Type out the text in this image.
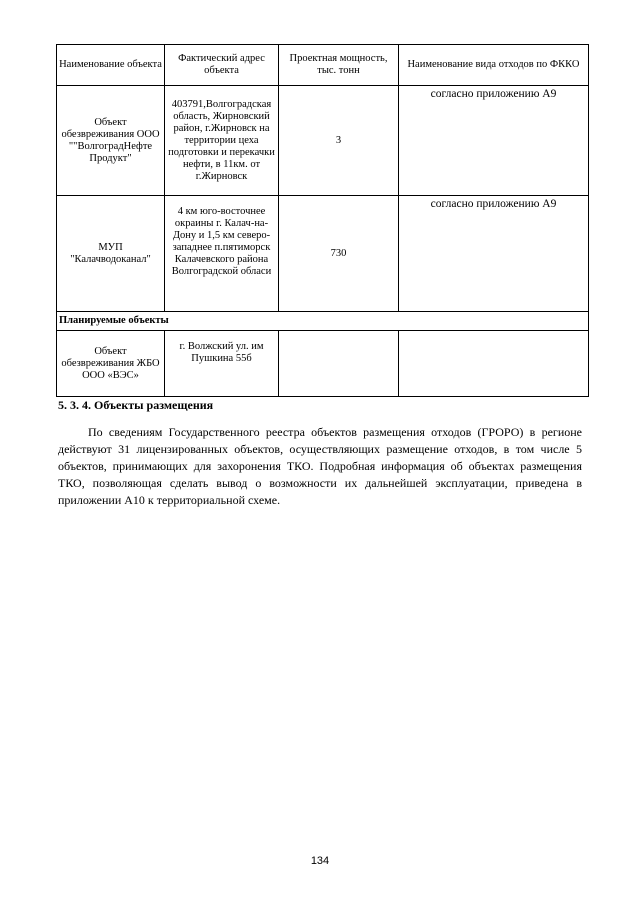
Наименование объекта	Фактический адрес объекта	Проектная мощность, тыс. тонн	Наименование вида отходов по ФККО
Объект обезвреживания ООО ""ВолгоградНефте Продукт"	403791,Волгоградская область, Жирновский район, г.Жирновск на территории цеха подготовки и перекачки нефти, в 11км. от г.Жирновск	3	согласно приложению А9
МУП "Калачводоканал"	4 км юго-восточнее окраины г. Калач-на-Дону и 1,5 км северо-западнее п.пятиморск Калачевского района Волгоградской обласи	730	согласно приложению А9
Планируемые объекты			
Объект обезвреживания ЖБО ООО «ВЭС»	г. Волжский ул. им Пушкина 55б		
5. 3. 4. Объекты размещения

По сведениям Государственного реестра объектов размещения отходов (ГРОРО) в регионе действуют 31 лицензированных объектов, осуществляющих размещение отходов, в том числе 5 объектов, принимающих для захоронения ТКО. Подробная информация об объектах размещения ТКО, позволяющая сделать вывод о возможности их дальнейшей эксплуатации, приведена в приложении А10 к территориальной схеме.

134
